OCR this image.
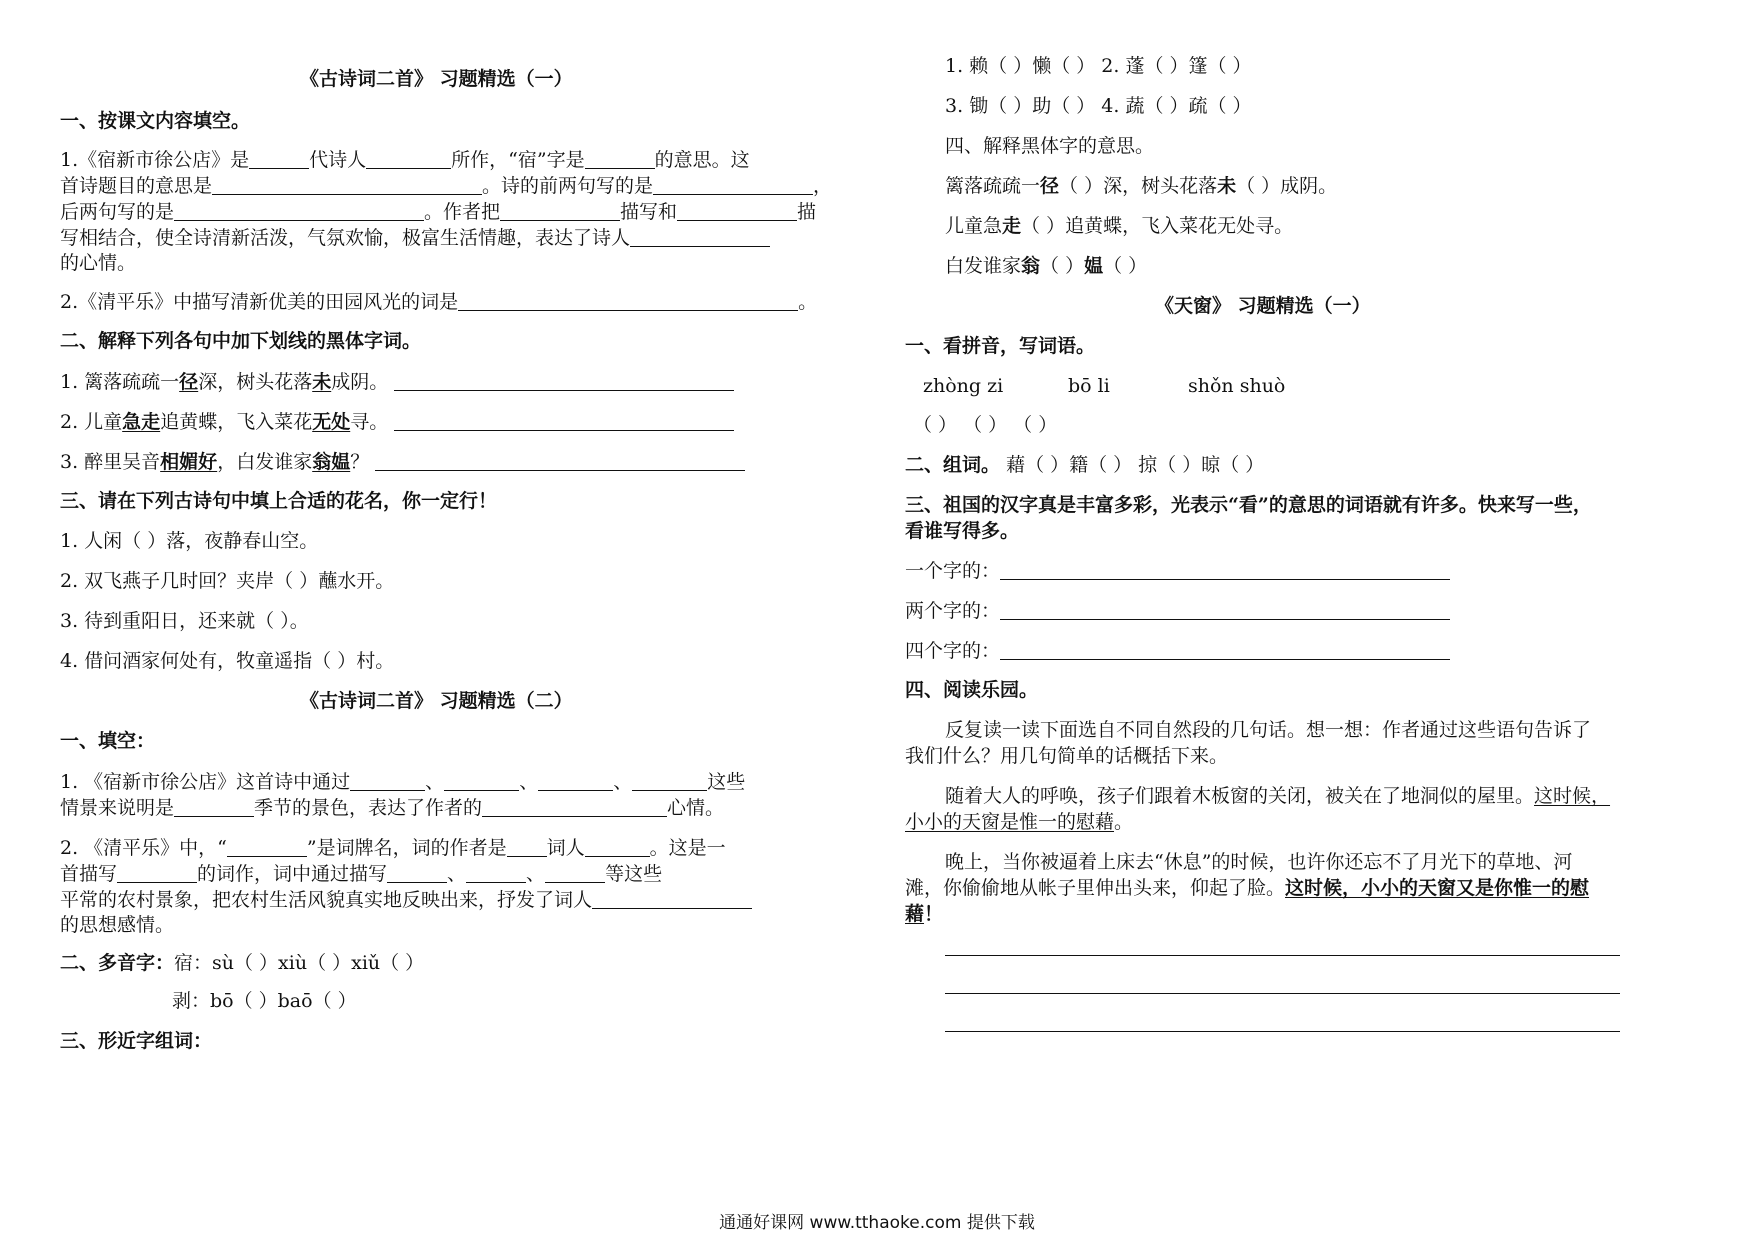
《古诗词二首》 习题精选（一）
一、按课文内容填空。
1.《宿新市徐公店》是	代诗人	所作，“宿”字是	的意思。这
首诗题目的意思是	。诗的前两句写的是	，
后两句写的是	。作者把	描写和	描
写相结合，使全诗清新活泼，气氛欢愉，极富生活情趣，表达了诗人
的心情。
2.《清平乐》中描写清新优美的田园风光的词是	。
二、解释下列各句中加下划线的黑体字词。
1. 篱落疏疏一径深，树头花落未成阴。
2. 儿童急走追黄蝶，飞入菜花无处寻。
3. 醉里吴音相媚好，白发谁家翁媪？
三、请在下列古诗句中填上合适的花名，你一定行！
1. 人闲（ ）落，夜静春山空。
2. 双飞燕子几时回？夹岸（ ）蘸水开。
3. 待到重阳日，还来就（ ）。
4. 借问酒家何处有，牧童遥指（ ）村。
《古诗词二首》 习题精选（二）
一、填空：
1. 《宿新市徐公店》这首诗中通过	、	、	、	这些
情景来说明是	季节的景色，表达了作者的	心情。
2. 《清平乐》中，“	”是词牌名，词的作者是 词人	。这是一
首描写	的词作，词中通过描写	、	、	等这些
平常的农村景象，把农村生活风貌真实地反映出来，抒发了词人
的思想感情。
二、多音字：宿：sù（ ）xiù（ ）xiǔ（ ）
剥：bō（ ）baō（ ）
三、形近字组词：
1. 赖（ ）懒（ ） 2. 蓬（ ）篷（ ）
3. 锄（ ）助（ ） 4. 蔬（ ）疏（ ）
四、解释黑体字的意思。
篱落疏疏一径（ ）深，树头花落未（ ）成阴。
儿童急走（ ）追黄蝶，飞入菜花无处寻。
白发谁家翁（ ）媪（ ）
《天窗》 习题精选（一）
一、看拼音，写词语。
zhòng zi	bō li	shǒn shuò
（ ） （ ） （ ）
二、组词。 藉（ ）籍（ ） 掠（ ）晾（ ）
三、祖国的汉字真是丰富多彩，光表示“看”的意思的词语就有许多。快来写一些，
看谁写得多。
一个字的：
两个字的：
四个字的：
四、阅读乐园。
反复读一读下面选自不同自然段的几句话。想一想：作者通过这些语句告诉了
我们什么？用几句简单的话概括下来。
随着大人的呼唤，孩子们跟着木板窗的关闭，被关在了地洞似的屋里。这时候，
小小的天窗是惟一的慰藉。
晚上，当你被逼着上床去“休息”的时候，也许你还忘不了月光下的草地、河
滩，你偷偷地从帐子里伸出头来，仰起了脸。这时候，小小的天窗又是你惟一的慰
藉！
通通好课网 www.tthaoke.com 提供下载
